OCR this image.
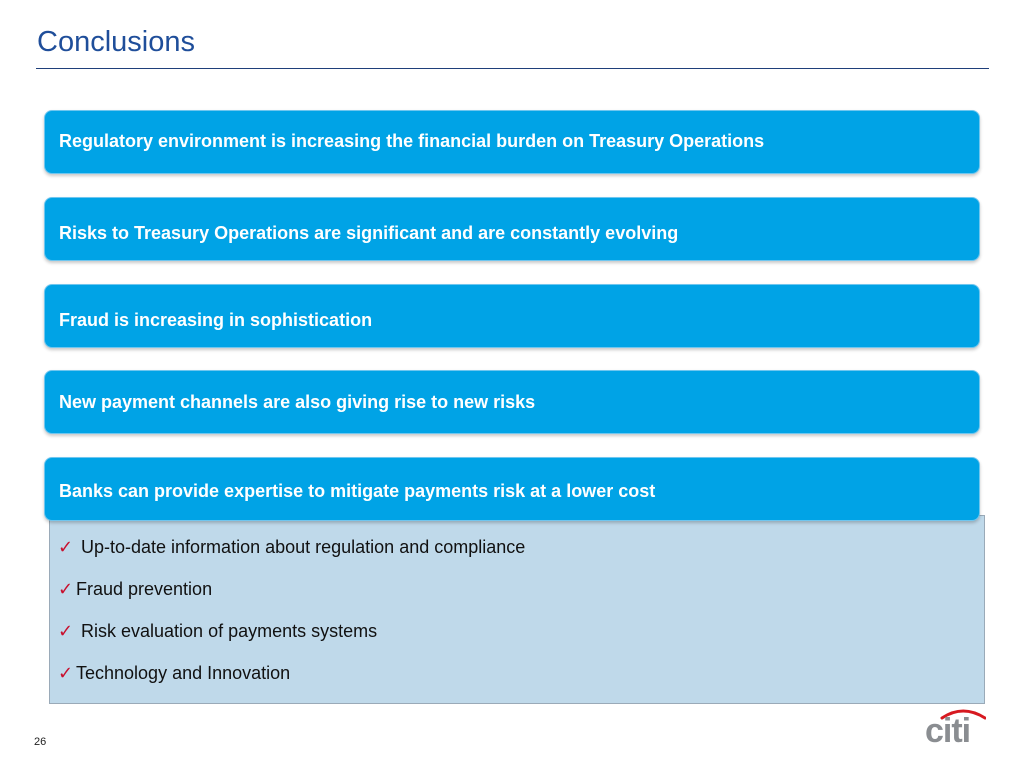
Conclusions
Regulatory environment is increasing the financial burden on Treasury Operations
Risks to Treasury Operations are significant and are constantly evolving
Fraud is increasing in sophistication
New payment channels are also giving rise to new risks
Banks can provide expertise to mitigate payments risk at a lower cost
✓ Up-to-date information about regulation and compliance
✓ Fraud prevention
✓ Risk evaluation of payments systems
✓ Technology and Innovation
26	citi
